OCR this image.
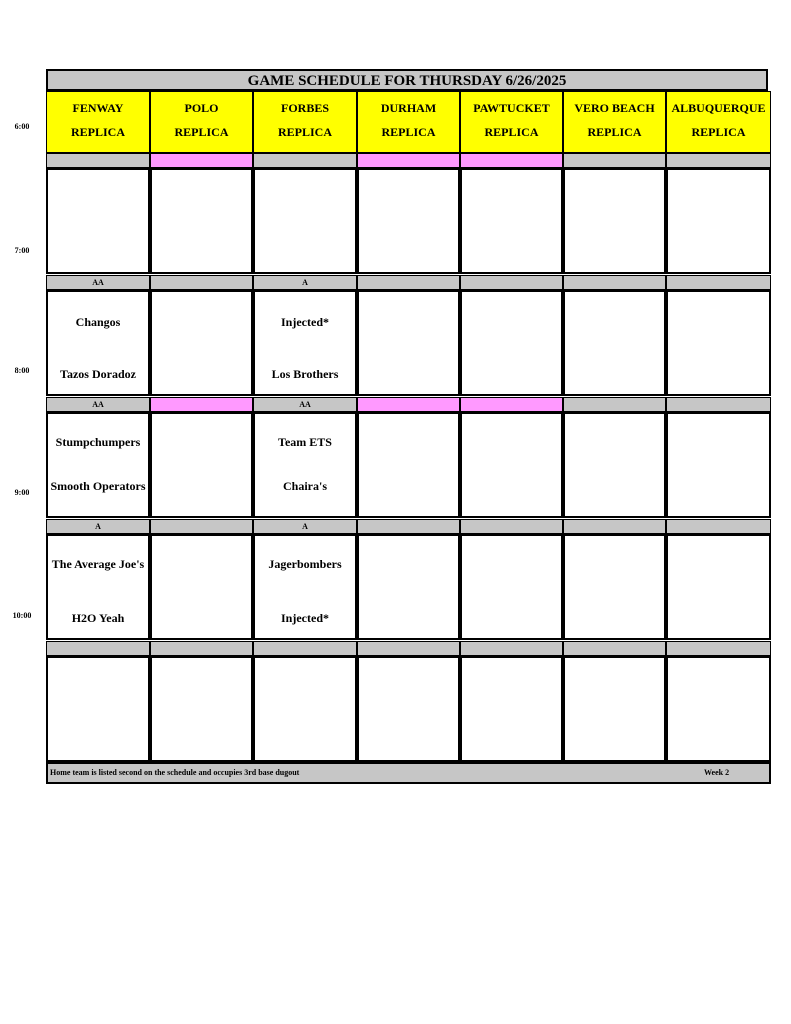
GAME SCHEDULE FOR THURSDAY 6/26/2025
FENWAY
REPLICA
POLO
REPLICA
FORBES
REPLICA
DURHAM
REPLICA
PAWTUCKET
REPLICA
VERO BEACH
REPLICA
ALBUQUERQUE
REPLICA
AA
Changos
Tazos Doradoz
A
Injected*
Los Brothers
AA
Stumpchumpers
Smooth Operators
AA
Team ETS
Chaira's
A
The Average Joe's
H2O Yeah
A
Jagerbombers
Injected*
Home team is listed second on the schedule and occupies 3rd base dugout	Week 2
6:00
7:00
8:00
9:00
10:00
